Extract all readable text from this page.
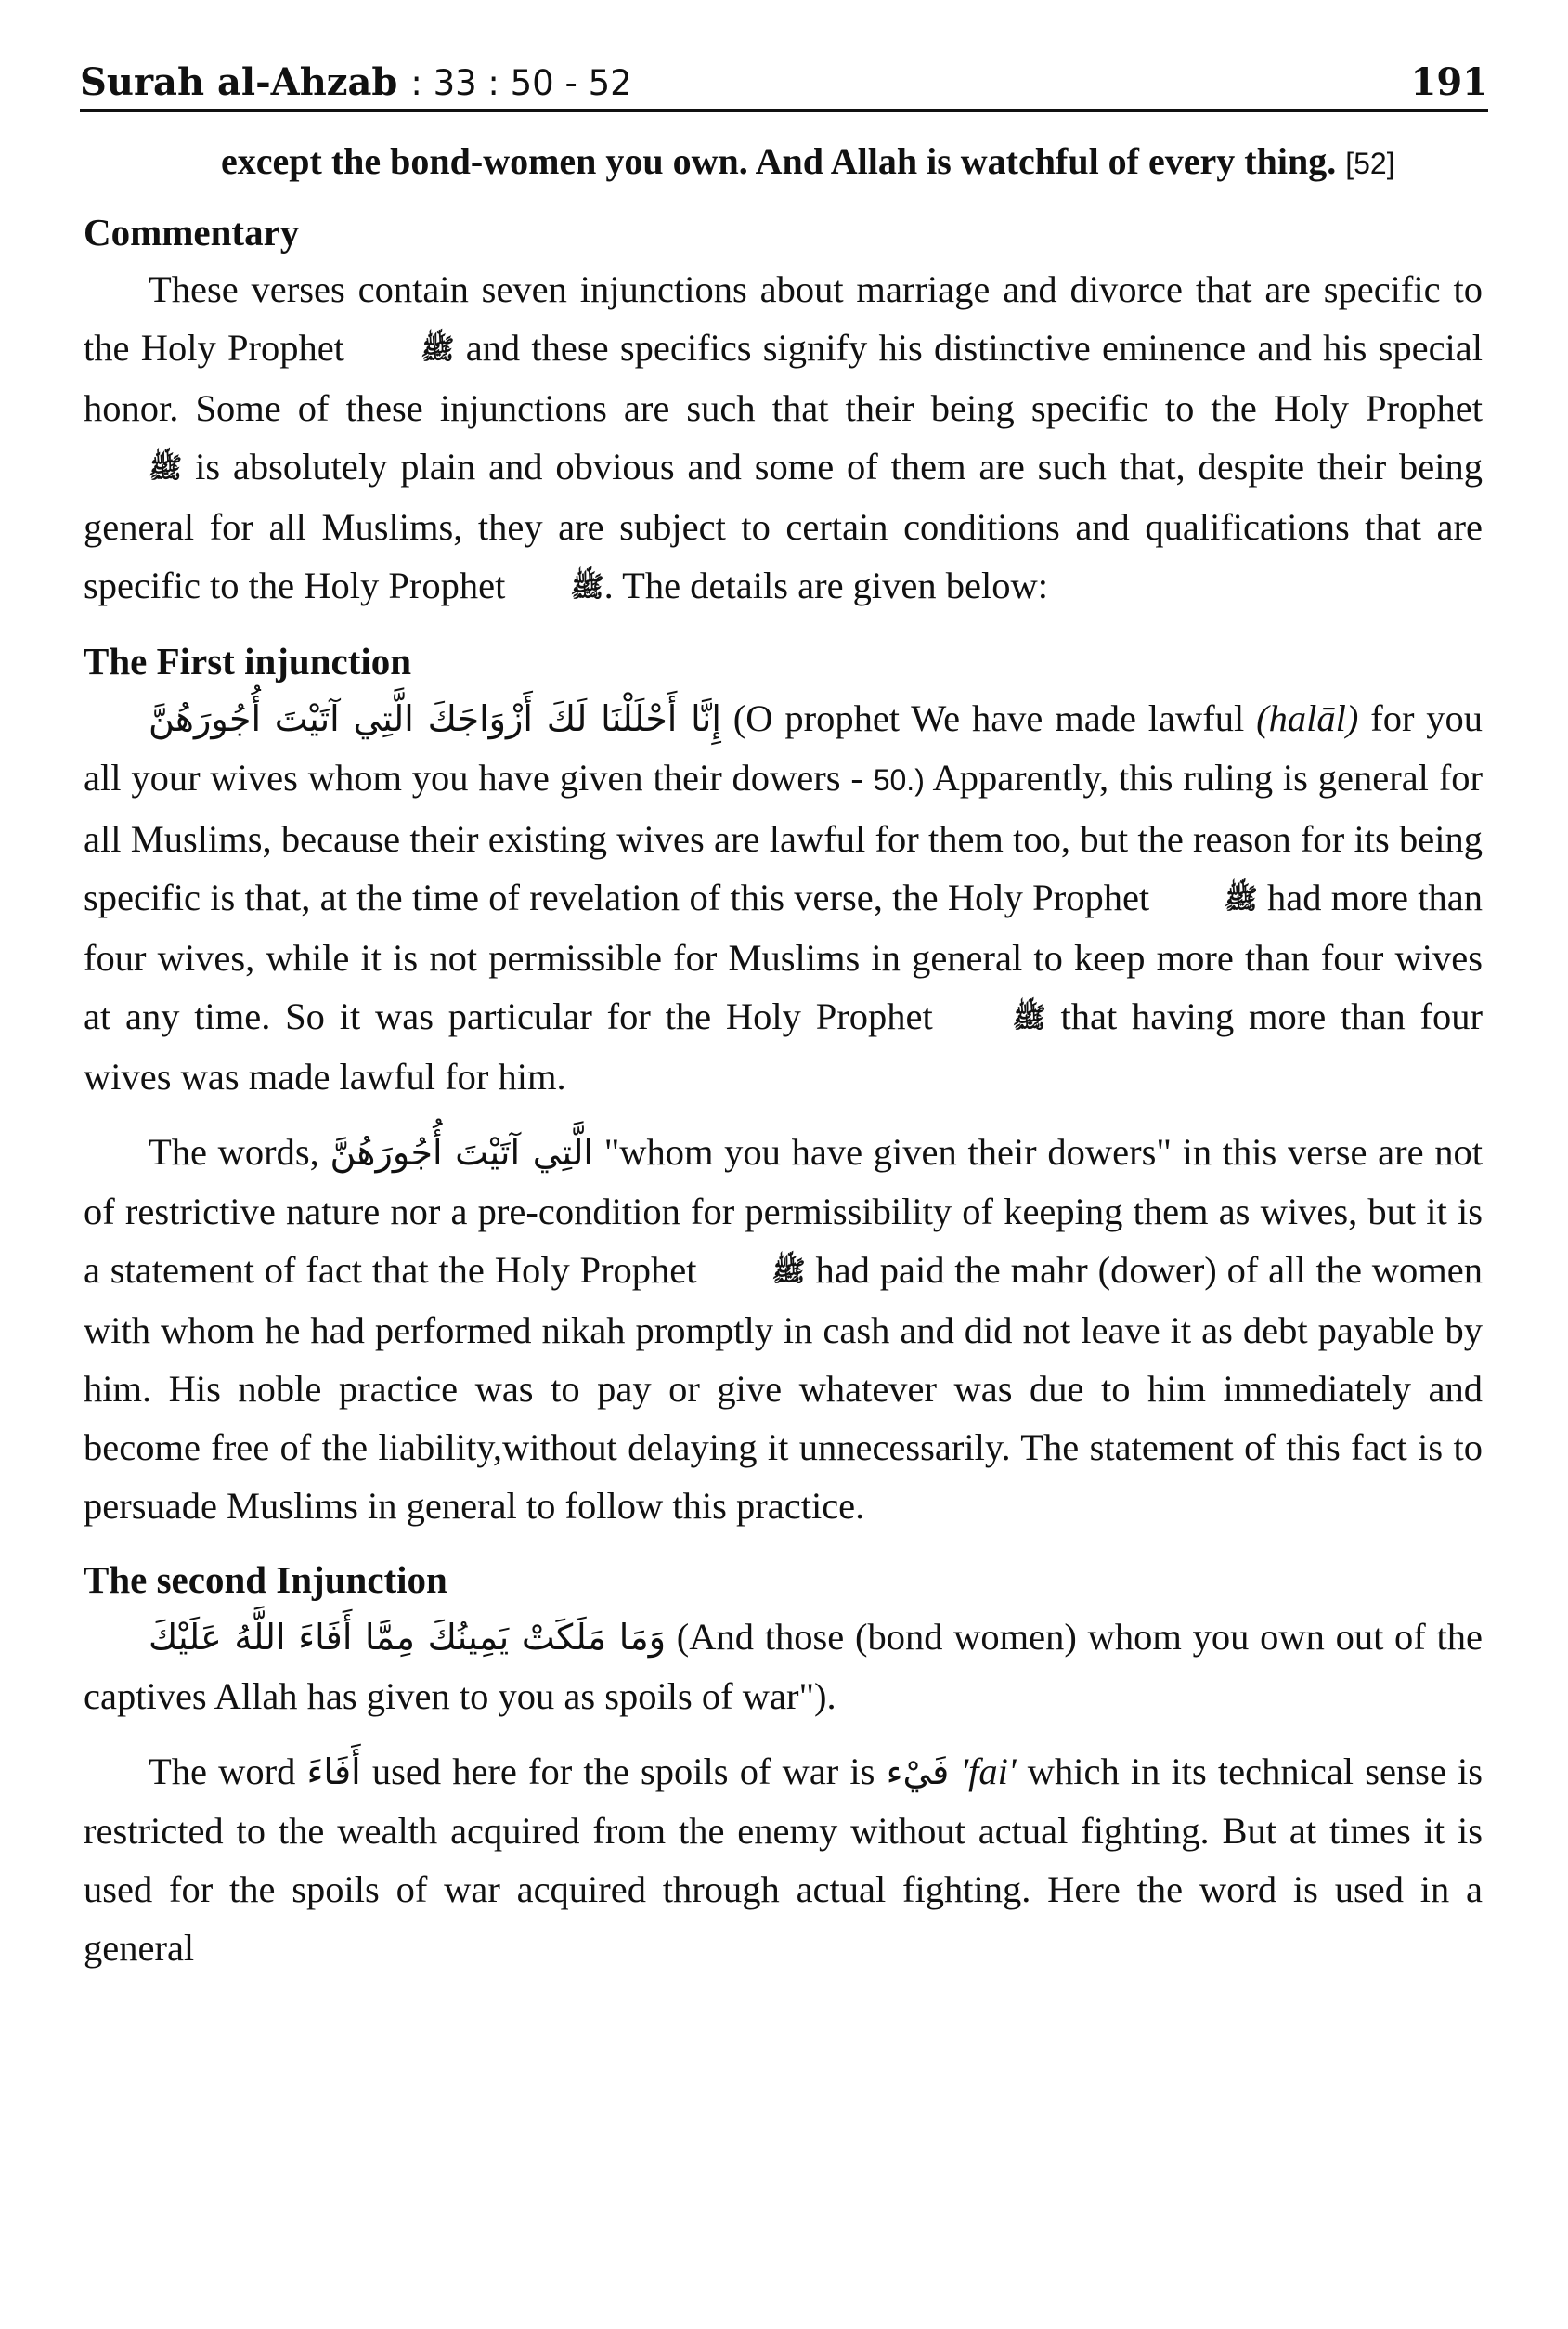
Surah al-Ahzab : 33 : 50 - 52	191
except the bond-women you own. And Allah is watchful of every thing. [52]
Commentary

These verses contain seven injunctions about marriage and divorce that are specific to the Holy Prophet	ﷺ and these specifics signify his distinctive eminence and his special honor. Some of these injunctions are such that their being specific to the Holy Prophet ﷺ is absolutely plain and obvious and some of them are such that, despite their being general for all Muslims, they are subject to certain conditions and qualifications that are specific to the Holy Prophet ﷺ. The details are given below:

The First injunction

إِنَّا أَحْلَلْنَا لَكَ أَزْوَاجَكَ الَّتِي آتَيْتَ أُجُورَهُنَّ (O prophet We have made lawful (halāl) for you all your wives whom you have given their dowers - 50.) Apparently, this ruling is general for all Muslims, because their existing wives are lawful for them too, but the reason for its being specific is that, at the time of revelation of this verse, the Holy Prophet	ﷺ had more than four wives, while it is not permissible for Muslims in general to keep more than four wives at any time. So it was particular for the Holy Prophet	ﷺ that having more than four wives was made lawful for him.

The words, الَّتِي آتَيْتَ أُجُورَهُنَّ "whom you have given their dowers" in this verse are not of restrictive nature nor a pre-condition for permissibility of keeping them as wives, but it is a statement of fact that the Holy Prophet	ﷺ had paid the mahr (dower) of all the women with whom he had performed nikah promptly in cash and did not leave it as debt payable by him. His noble practice was to pay or give whatever was due to him immediately and become free of the liability,without delaying it unnecessarily. The statement of this fact is to persuade Muslims in general to follow this practice.

The second Injunction

وَمَا مَلَكَتْ يَمِينُكَ مِمَّا أَفَاءَ اللَّهُ عَلَيْكَ (And those (bond women) whom you own out of the captives Allah has given to you as spoils of war").

The word أَفَاءَ used here for the spoils of war is فَيْء 'fai' which in its technical sense is restricted to the wealth acquired from the enemy without actual fighting. But at times it is used for the spoils of war acquired through actual fighting. Here the word is used in a general
